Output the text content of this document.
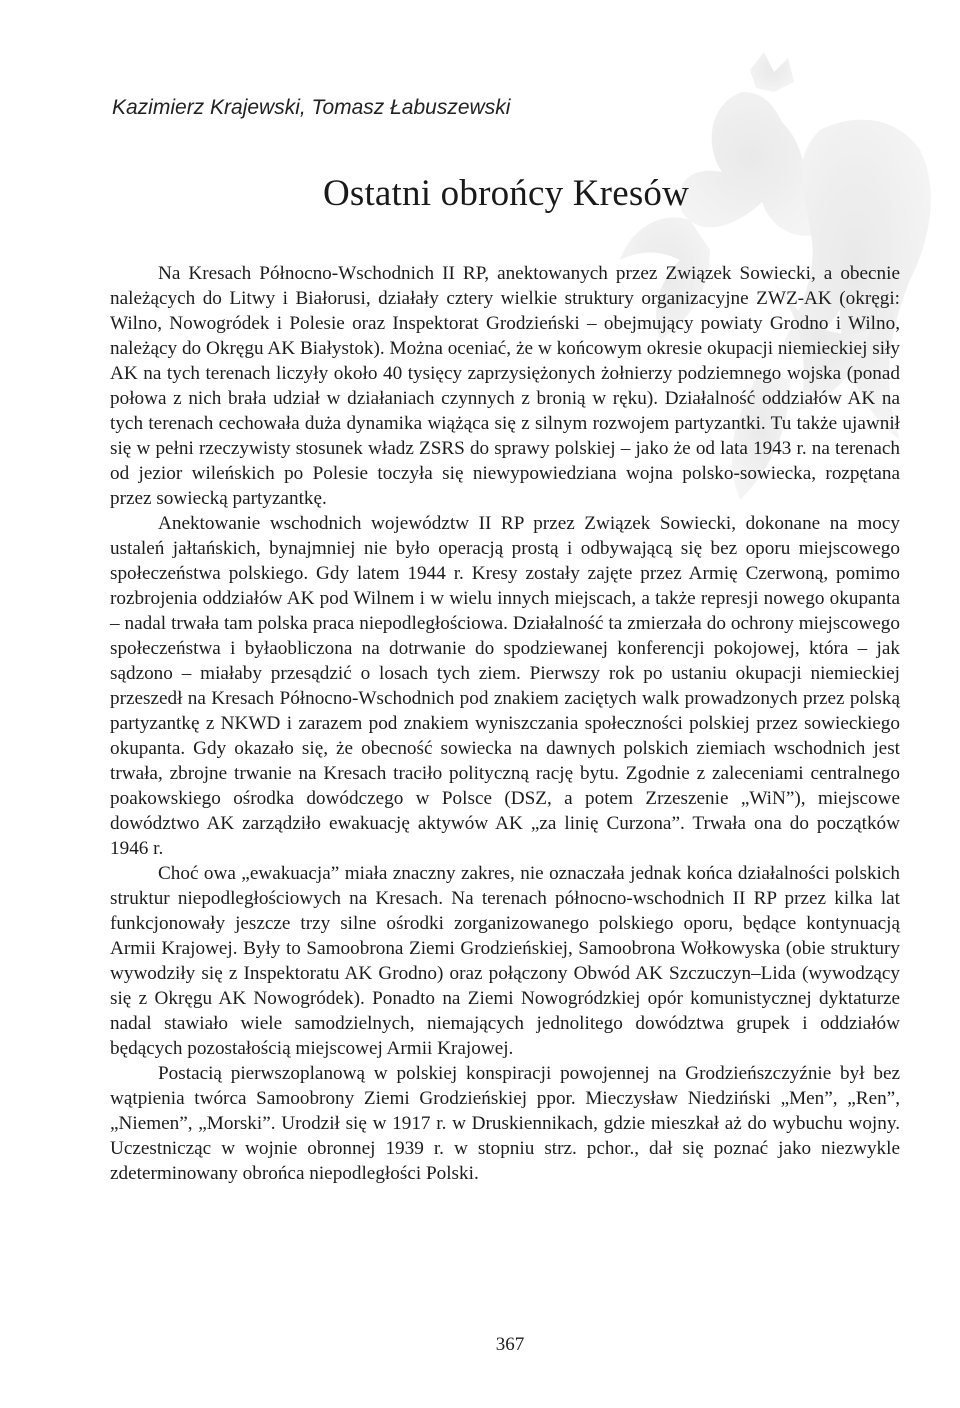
Kazimierz Krajewski, Tomasz Łabuszewski
Ostatni obrońcy Kresów

Na Kresach Północno-Wschodnich II RP, anektowanych przez Związek Sowiecki, a obecnie należących do Litwy i Białorusi, działały cztery wielkie struktury organizacyjne ZWZ-AK (okręgi: Wilno, Nowogródek i Polesie oraz Inspektorat Grodzieński – obejmujący powiaty Grodno i Wilno, należący do Okręgu AK Białystok). Można oceniać, że w końcowym okresie okupacji niemieckiej siły AK na tych terenach liczyły około 40 tysięcy zaprzysiężonych żołnierzy podziemnego wojska (ponad połowa z nich brała udział w działaniach czynnych z bronią w ręku). Działalność oddziałów AK na tych terenach cechowała duża dynamika wiążąca się z silnym rozwojem partyzantki. Tu także ujawnił się w pełni rzeczywisty stosunek władz ZSRS do sprawy polskiej – jako że od lata 1943 r. na terenach od jezior wileńskich po Polesie toczyła się niewypowiedziana wojna polsko-sowiecka, rozpętana przez sowiecką partyzantkę.

Anektowanie wschodnich województw II RP przez Związek Sowiecki, dokonane na mocy ustaleń jałtańskich, bynajmniej nie było operacją prostą i odbywającą się bez oporu miejscowego społeczeństwa polskiego. Gdy latem 1944 r. Kresy zostały zajęte przez Armię Czerwoną, pomimo rozbrojenia oddziałów AK pod Wilnem i w wielu innych miejscach, a także represji nowego okupanta – nadal trwała tam polska praca niepodległościowa. Działalność ta zmierzała do ochrony miejscowego społeczeństwa i byłaobliczona na dotrwanie do spodziewanej konferencji pokojowej, która – jak sądzono – miałaby przesądzić o losach tych ziem. Pierwszy rok po ustaniu okupacji niemieckiej przeszedł na Kresach Północno-Wschodnich pod znakiem zaciętych walk prowadzonych przez polską partyzantkę z NKWD i zarazem pod znakiem wyniszczania społeczności polskiej przez sowieckiego okupanta. Gdy okazało się, że obecność sowiecka na dawnych polskich ziemiach wschodnich jest trwała, zbrojne trwanie na Kresach traciło polityczną rację bytu. Zgodnie z zaleceniami centralnego poakowskiego ośrodka dowódczego w Polsce (DSZ, a potem Zrzeszenie „WiN”), miejscowe dowództwo AK zarządziło ewakuację aktywów AK „za linię Curzona”. Trwała ona do początków 1946 r.

Choć owa „ewakuacja” miała znaczny zakres, nie oznaczała jednak końca działalności polskich struktur niepodległościowych na Kresach. Na terenach północno-wschodnich II RP przez kilka lat funkcjonowały jeszcze trzy silne ośrodki zorganizowanego polskiego oporu, będące kontynuacją Armii Krajowej. Były to Samoobrona Ziemi Grodzieńskiej, Samoobrona Wołkowyska (obie struktury wywodziły się z Inspektoratu AK Grodno) oraz połączony Obwód AK Szczuczyn–Lida (wywodzący się z Okręgu AK Nowogródek). Ponadto na Ziemi Nowogródzkiej opór komunistycznej dyktaturze nadal stawiało wiele samodzielnych, niemających jednolitego dowództwa grupek i oddziałów będących pozostałością miejscowej Armii Krajowej.

Postacią pierwszoplanową w polskiej konspiracji powojennej na Grodzieńszczyźnie był bez wątpienia twórca Samoobrony Ziemi Grodzieńskiej ppor. Mieczysław Niedziński „Men”, „Ren”, „Niemen”, „Morski”. Urodził się w 1917 r. w Druskiennikach, gdzie mieszkał aż do wybuchu wojny. Uczestnicząc w wojnie obronnej 1939 r. w stopniu strz. pchor., dał się poznać jako niezwykle zdeterminowany obrońca niepodległości Polski.

367
